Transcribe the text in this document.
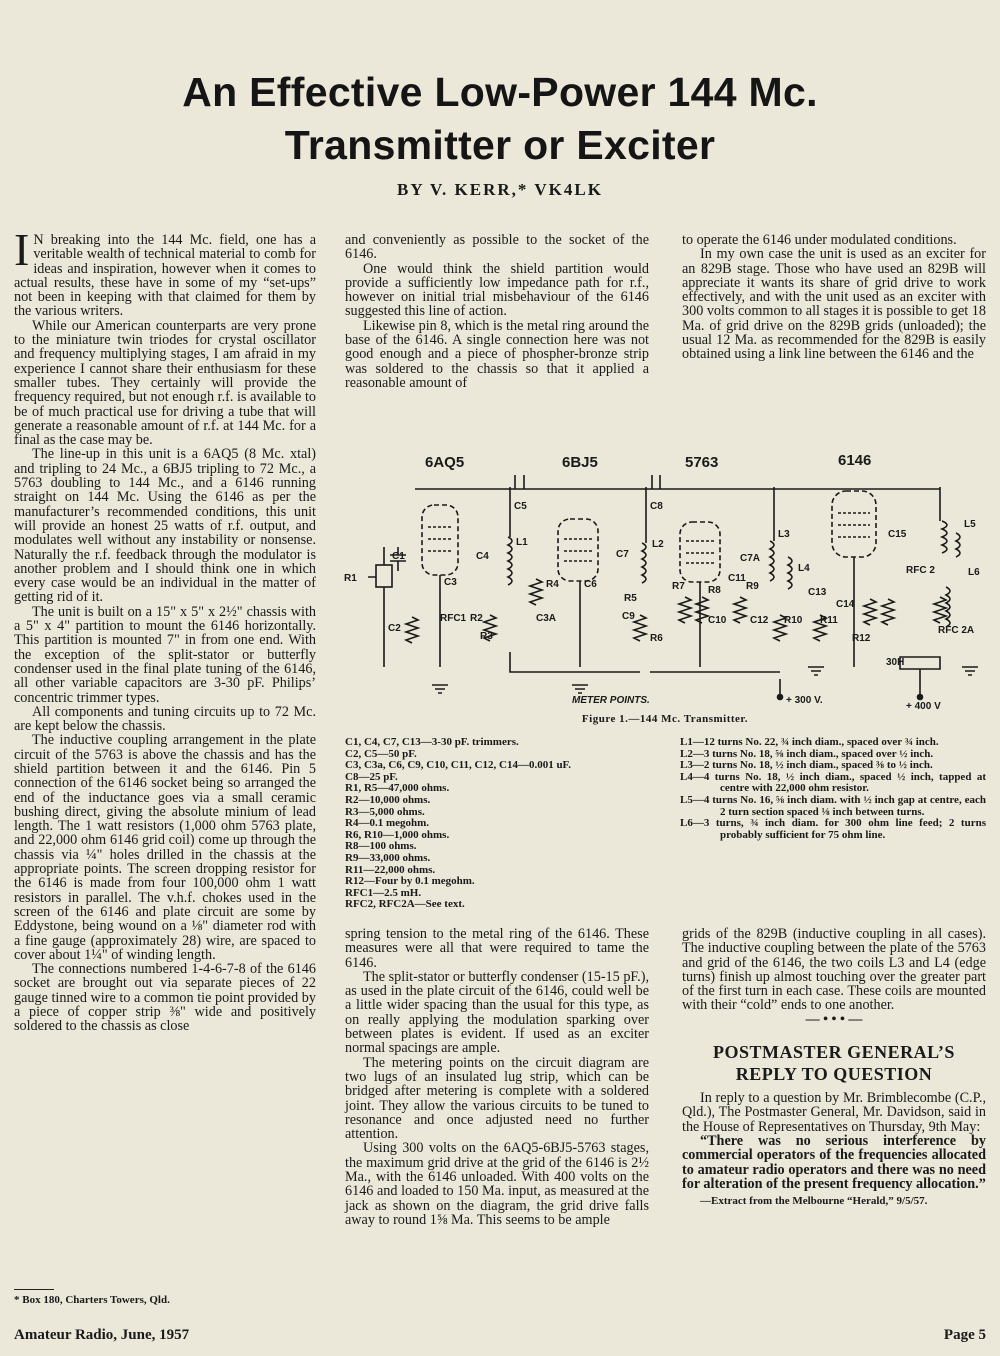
An Effective Low-Power 144 Mc.
Transmitter or Exciter
BY V. KERR,* VK4LK

I N breaking into the 144 Mc. field, one has a veritable wealth of technical material to comb for ideas and inspiration, however when it comes to actual results, these have in some of my “set-ups” not been in keeping with that claimed for them by the various writers.

While our American counterparts are very prone to the miniature twin triodes for crystal oscillator and frequency multiplying stages, I am afraid in my experience I cannot share their enthusiasm for these smaller tubes. They certainly will provide the frequency required, but not enough r.f. is available to be of much practical use for driving a tube that will generate a reasonable amount of r.f. at 144 Mc. for a final as the case may be.

The line-up in this unit is a 6AQ5 (8 Mc. xtal) and tripling to 24 Mc., a 6BJ5 tripling to 72 Mc., a 5763 doubling to 144 Mc., and a 6146 running straight on 144 Mc. Using the 6146 as per the manufacturer’s recommended conditions, this unit will provide an honest 25 watts of r.f. output, and modulates well without any instability or nonsense. Naturally the r.f. feedback through the modulator is another problem and I should think one in which every case would be an individual in the matter of getting rid of it.

The unit is built on a 15" x 5" x 2½" chassis with a 5" x 4" partition to mount the 6146 horizontally. This partition is mounted 7" in from one end. With the exception of the split-stator or butterfly condenser used in the final plate tuning of the 6146, all other variable capacitors are 3-30 pF. Philips’ concentric trimmer types.

All components and tuning circuits up to 72 Mc. are kept below the chassis.

The inductive coupling arrangement in the plate circuit of the 5763 is above the chassis and has the shield partition between it and the 6146. Pin 5 connection of the 6146 socket being so arranged the end of the inductance goes via a small ceramic bushing direct, giving the absolute minium of lead length. The 1 watt resistors (1,000 ohm 5763 plate, and 22,000 ohm 6146 grid coil) come up through the chassis via ¼" holes drilled in the chassis at the appropriate points. The screen dropping resistor for the 6146 is made from four 100,000 ohm 1 watt resistors in parallel. The v.h.f. chokes used in the screen of the 6146 and plate circuit are some by Eddystone, being wound on a ⅛" diameter rod with a fine gauge (approximately 28) wire, are spaced to cover about 1¼" of winding length.

The connections numbered 1-4-6-7-8 of the 6146 socket are brought out via separate pieces of 22 gauge tinned wire to a common tie point provided by a piece of copper strip ⅜" wide and positively soldered to the chassis as close

* Box 180, Charters Towers, Qld.

and conveniently as possible to the socket of the 6146.

One would think the shield partition would provide a sufficiently low impedance path for r.f., however on initial trial misbehaviour of the 6146 suggested this line of action.

Likewise pin 8, which is the metal ring around the base of the 6146. A single connection here was not good enough and a piece of phospher-bronze strip was soldered to the chassis so that it applied a reasonable amount of

to operate the 6146 under modulated conditions.

In my own case the unit is used as an exciter for an 829B stage. Those who have used an 829B will appreciate it wants its share of grid drive to work effectively, and with the unit used as an exciter with 300 volts common to all stages it is possible to get 18 Ma. of grid drive on the 829B grids (unloaded); the usual 12 Ma. as recommended for the 829B is easily obtained using a link line between the 6146 and the

6AQ5	6BJ5	5763	6146
R1
C1
C2
C3
C4
RFC1 R2
R3
C5
L1
R4
C3A
C6
C8
C7
L2
C9
R5
R6
R7 R8
C10
C11
L3
C7A
R9
L4
C12 R10
C13
R11
C14
C15
RFC 2
L5
L6
R12
RFC 2A
30H
METER POINTS.	+ 300 V.
+ 400 V
Figure 1.—144 Mc. Transmitter.
C1, C4, C7, C13—3-30 pF. trimmers.
C2, C5—50 pF.
C3, C3a, C6, C9, C10, C11, C12, C14—0.001 uF.
C8—25 pF.
R1, R5—47,000 ohms.
R2—10,000 ohms.
R3—5,000 ohms.
R4—0.1 megohm.
R6, R10—1,000 ohms.
R8—100 ohms.
R9—33,000 ohms.
R11—22,000 ohms.
R12—Four by 0.1 megohm.
RFC1—2.5 mH.
RFC2, RFC2A—See text.
L1—12 turns No. 22, ¾ inch diam., spaced over ¾ inch.
L2—3 turns No. 18, ⅝ inch diam., spaced over ½ inch.
L3—2 turns No. 18, ½ inch diam., spaced ⅜ to ½ inch.
L4—4 turns No. 18, ½ inch diam., spaced ½ inch, tapped at centre with 22,000 ohm resistor.
L5—4 turns No. 16, ⅝ inch diam. with ½ inch gap at centre, each 2 turn section spaced ⅛ inch between turns.
L6—3 turns, ¾ inch diam. for 300 ohm line feed; 2 turns probably sufficient for 75 ohm line.

spring tension to the metal ring of the 6146. These measures were all that were required to tame the 6146.

The split-stator or butterfly condenser (15-15 pF.), as used in the plate circuit of the 6146, could well be a little wider spacing than the usual for this type, as on really applying the modulation sparking over between plates is evident. If used as an exciter normal spacings are ample.

The metering points on the circuit diagram are two lugs of an insulated lug strip, which can be bridged after metering is complete with a soldered joint. They allow the various circuits to be tuned to resonance and once adjusted need no further attention.

Using 300 volts on the 6AQ5-6BJ5-5763 stages, the maximum grid drive at the grid of the 6146 is 2½ Ma., with the 6146 unloaded. With 400 volts on the 6146 and loaded to 150 Ma. input, as measured at the jack as shown on the diagram, the grid drive falls away to round 1⅝ Ma. This seems to be ample

grids of the 829B (inductive coupling in all cases). The inductive coupling between the plate of the 5763 and grid of the 6146, the two coils L3 and L4 (edge turns) finish up almost touching over the greater part of the first turn in each case. These coils are mounted with their “cold” ends to one another.

— • • • —

POSTMASTER GENERAL’S
REPLY TO QUESTION

In reply to a question by Mr. Brimblecombe (C.P., Qld.), The Postmaster General, Mr. Davidson, said in the House of Representatives on Thursday, 9th May:

“There was no serious interference by commercial operators of the frequencies allocated to amateur radio operators and there was no need for alteration of the present frequency allocation.”

—Extract from the Melbourne “Herald,” 9/5/57.
Amateur Radio, June, 1957	Page 5
